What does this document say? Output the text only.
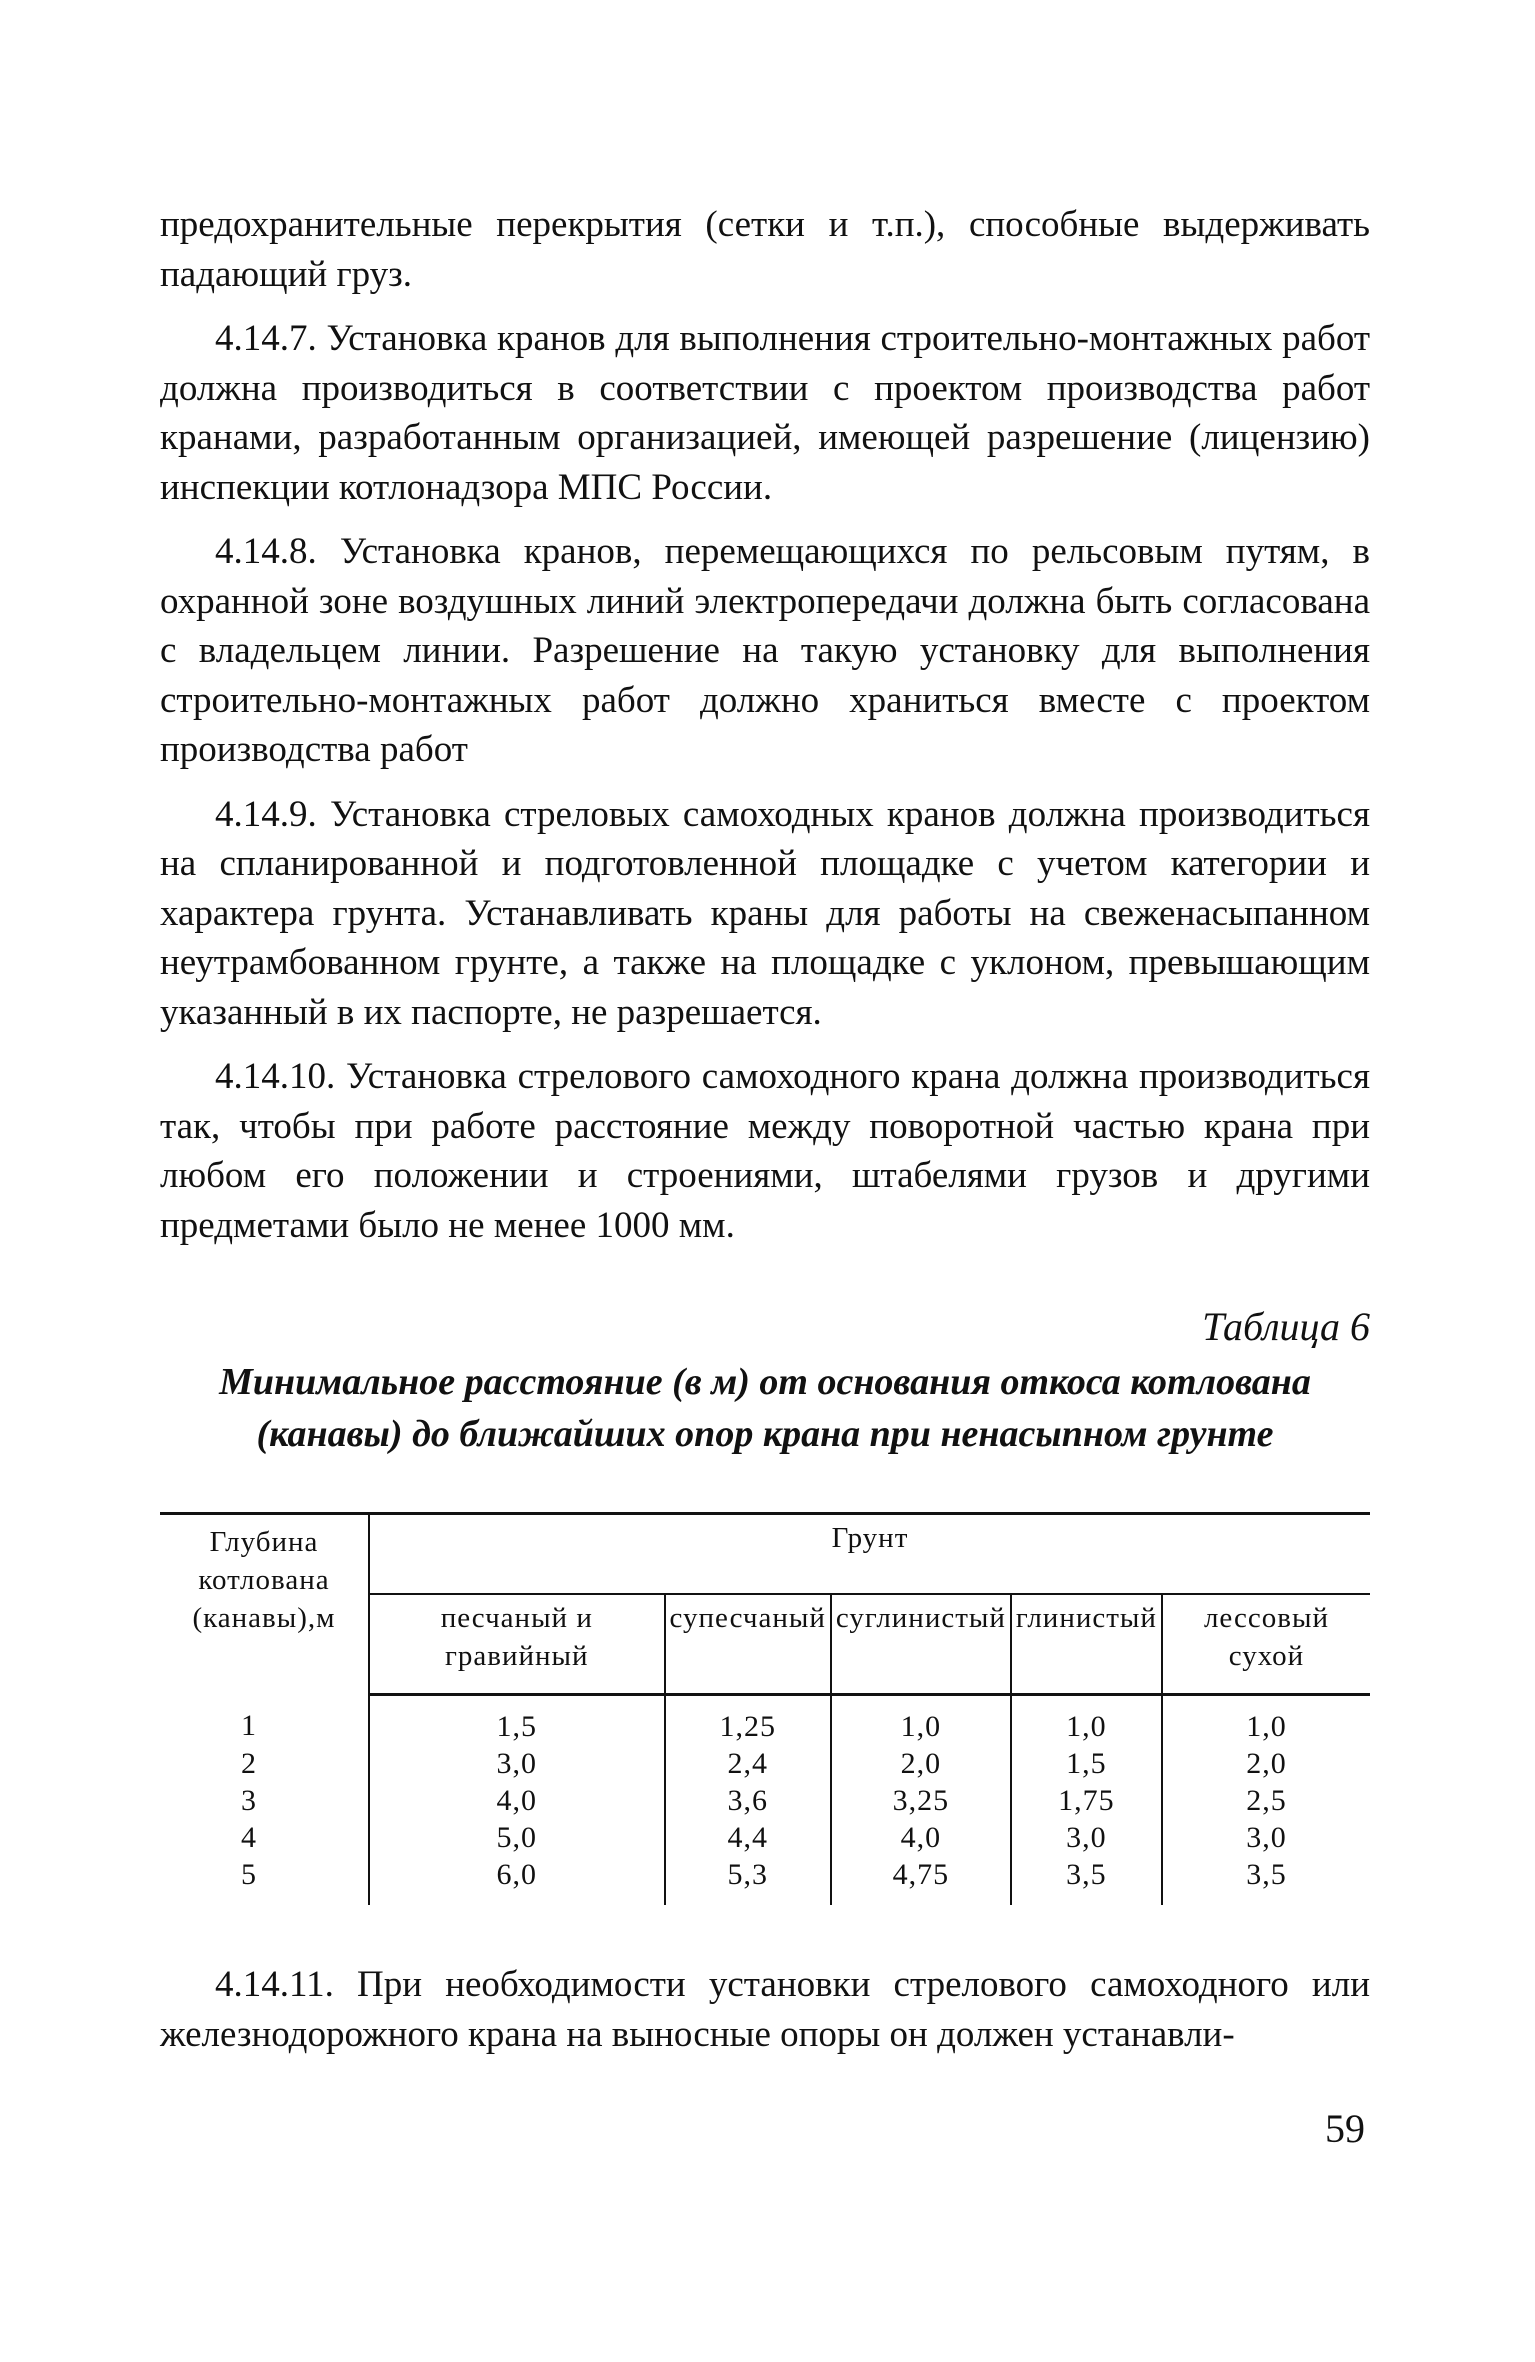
предохранительные перекрытия (сетки и т.п.), способные выдерживать падающий груз.

4.14.7. Установка кранов для выполнения строительно-монтажных работ должна производиться в соответствии с проектом производства работ кранами, разработанным организацией, имеющей разрешение (лицензию) инспекции котлонадзора МПС России.

4.14.8. Установка кранов, перемещающихся по рельсовым путям, в охранной зоне воздушных линий электропередачи должна быть согласована с владельцем линии. Разрешение на такую установку для выполнения строительно-монтажных работ должно храниться вместе с проектом производства работ

4.14.9. Установка стреловых самоходных кранов должна производиться на спланированной и подготовленной площадке с учетом категории и характера грунта. Устанавливать краны для работы на свеженасыпанном неутрамбованном грунте, а также на площадке с уклоном, превышающим указанный в их паспорте, не разрешается.

4.14.10. Установка стрелового самоходного крана должна производиться так, чтобы при работе расстояние между поворотной частью крана при любом его положении и строениями, штабелями грузов и другими предметами было не менее 1000 мм.

Таблица 6
Минимальное расстояние (в м) от основания откоса котлована (канавы) до ближайших опор крана при ненасыпном грунте
Глубина котлована (канавы),м	Грунт				
	песчаный и гравийный	супесчаный	суглинистый	глинистый	лессовый сухой
1	1,5	1,25	1,0	1,0	1,0
2	3,0	2,4	2,0	1,5	2,0
3	4,0	3,6	3,25	1,75	2,5
4	5,0	4,4	4,0	3,0	3,0
5	6,0	5,3	4,75	3,5	3,5

4.14.11. При необходимости установки стрелового самоходного или железнодорожного крана на выносные опоры он должен устанавли-

59
